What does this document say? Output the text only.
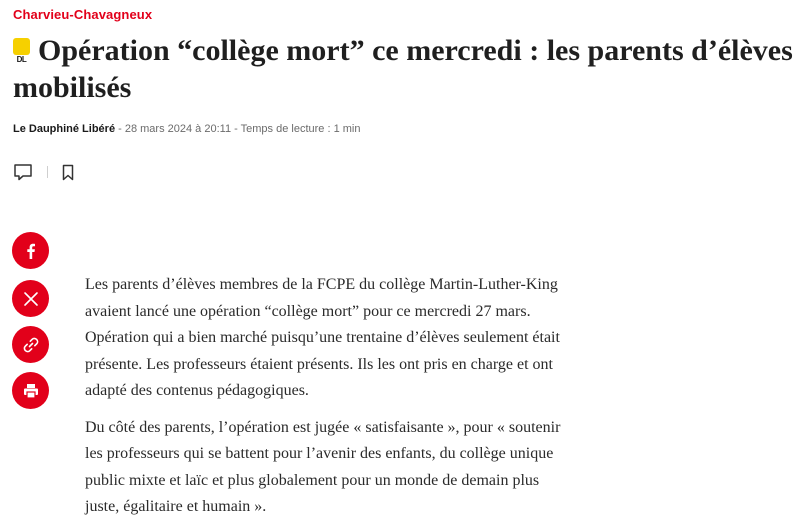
Charvieu-Chavagneux
DL Opération “collège mort” ce mercredi : les parents d’élèves mobilisés
Le Dauphiné Libéré - 28 mars 2024 à 20:11 - Temps de lecture : 1 min

Les parents d’élèves membres de la FCPE du collège Martin-Luther-King avaient lancé une opération “collège mort” pour ce mercredi 27 mars. Opération qui a bien marché puisqu’une trentaine d’élèves seulement était présente. Les professeurs étaient présents. Ils les ont pris en charge et ont adapté des contenus pédagogiques.

Du côté des parents, l’opération est jugée « satisfaisante », pour « soutenir les professeurs qui se battent pour l’avenir des enfants, du collège unique public mixte et laïc et plus globalement pour un monde de demain plus juste, égalitaire et humain ».
